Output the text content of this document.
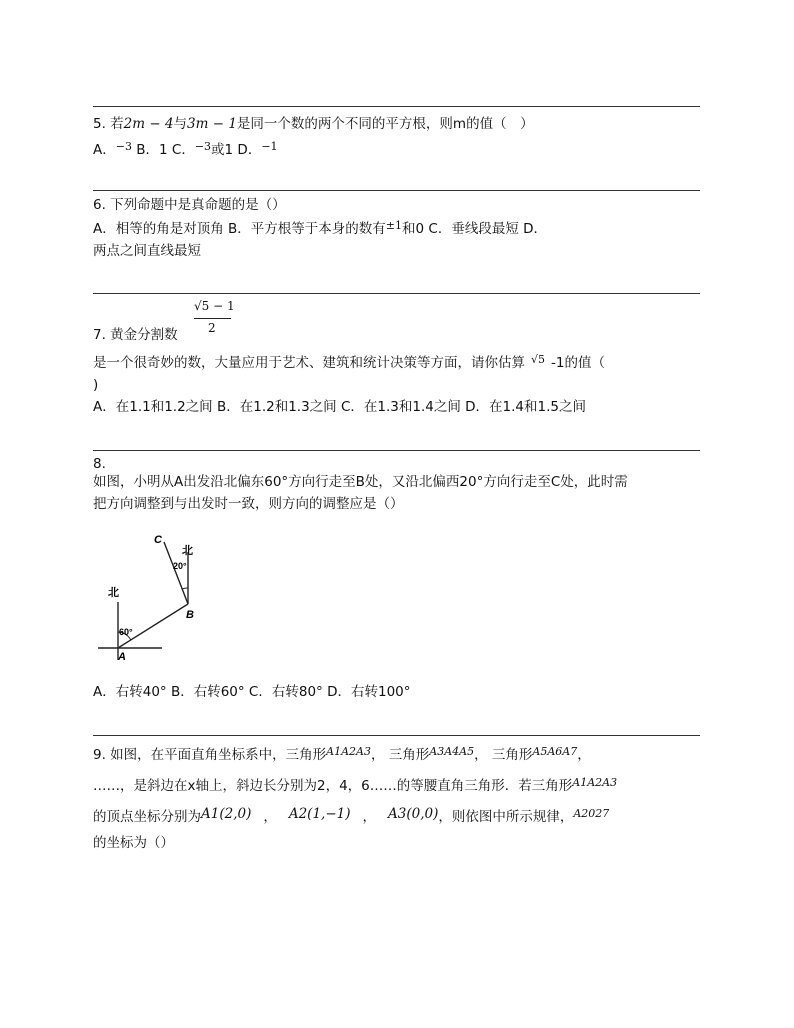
5. 若2m − 4与3m − 1是同一个数的两个不同的平方根，则m的值（　）
A．$^{-3}$ B．1 C．$^{-3}$或1 D．$^{-1}$
6. 下列命题中是真命题的是（）
A．相等的角是对顶角 B．平方根等于本身的数有$^{\pm 1}$和0 C．垂线段最短 D．
两点之间直线最短
√5 − 1
2
7. 黄金分割数
是一个很奇妙的数，大量应用于艺术、建筑和统计决策等方面，请你估算 $^{√5}$ -1的值（
)
A．在1.1和1.2之间 B．在1.2和1.3之间 C．在1.3和1.4之间 D．在1.4和1.5之间
8.
如图，小明从A出发沿北偏东60°方向行走至B处，又沿北偏西20°方向行走至C处，此时需
把方向调整到与出发时一致，则方向的调整应是（）
C
北
20°
北
B
60°
A
A．右转40° B．右转60° C．右转80° D．右转100°
9. 如图，在平面直角坐标系中，三角形$^{A1A2A3}$， 三角形$^{A3A4A5}$， 三角形$^{A5A6A7}$，
……，是斜边在x轴上，斜边长分别为2，4，6……的等腰直角三角形．若三角形$^{A1A2A3}$
的顶点坐标分别为A1(2,0) ， A2(1,−1) ， A3(0,0)，则依图中所示规律，$^{A2027}$
的坐标为（）
